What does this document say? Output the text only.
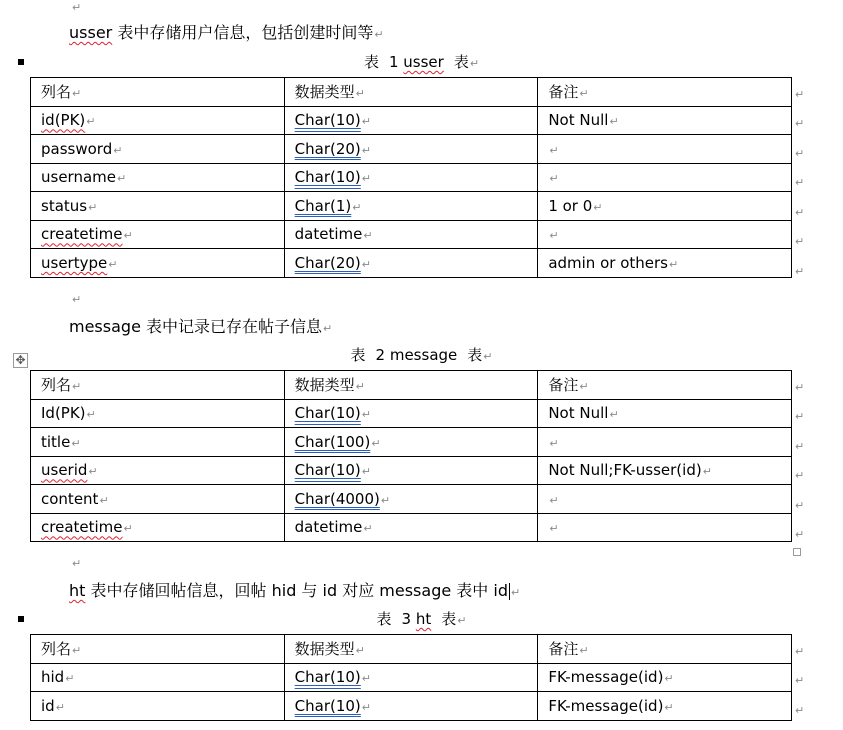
↵
usser 表中存储用户信息，包括创建时间等↵
表 1 usser 表↵
列名↵	数据类型↵	备注↵
id(PK)↵	Char(10)↵	Not Null↵
password↵	Char(20)↵	↵
username↵	Char(10)↵	↵
status↵	Char(1)↵	1 or 0↵
createtime↵	datetime↵	↵
usertype↵	Char(20)↵	admin or others↵
↵
↵
↵
↵
↵
↵
↵
↵
message 表中记录已存在帖子信息↵
✥	表 2 message 表↵
列名↵	数据类型↵	备注↵
Id(PK)↵	Char(10)↵	Not Null↵
title↵	Char(100)↵	↵
userid↵	Char(10)↵	Not Null;FK-usser(id)↵
content↵	Char(4000)↵	↵
createtime↵	datetime↵	↵
↵
↵
↵
↵
↵
↵
↵
ht 表中存储回帖信息，回帖 hid 与 id 对应 message 表中 id ↵
表 3 ht 表↵
列名↵	数据类型↵	备注↵
hid↵	Char(10)↵	FK-message(id)↵
id↵	Char(10)↵	FK-message(id)↵
↵
↵
↵
